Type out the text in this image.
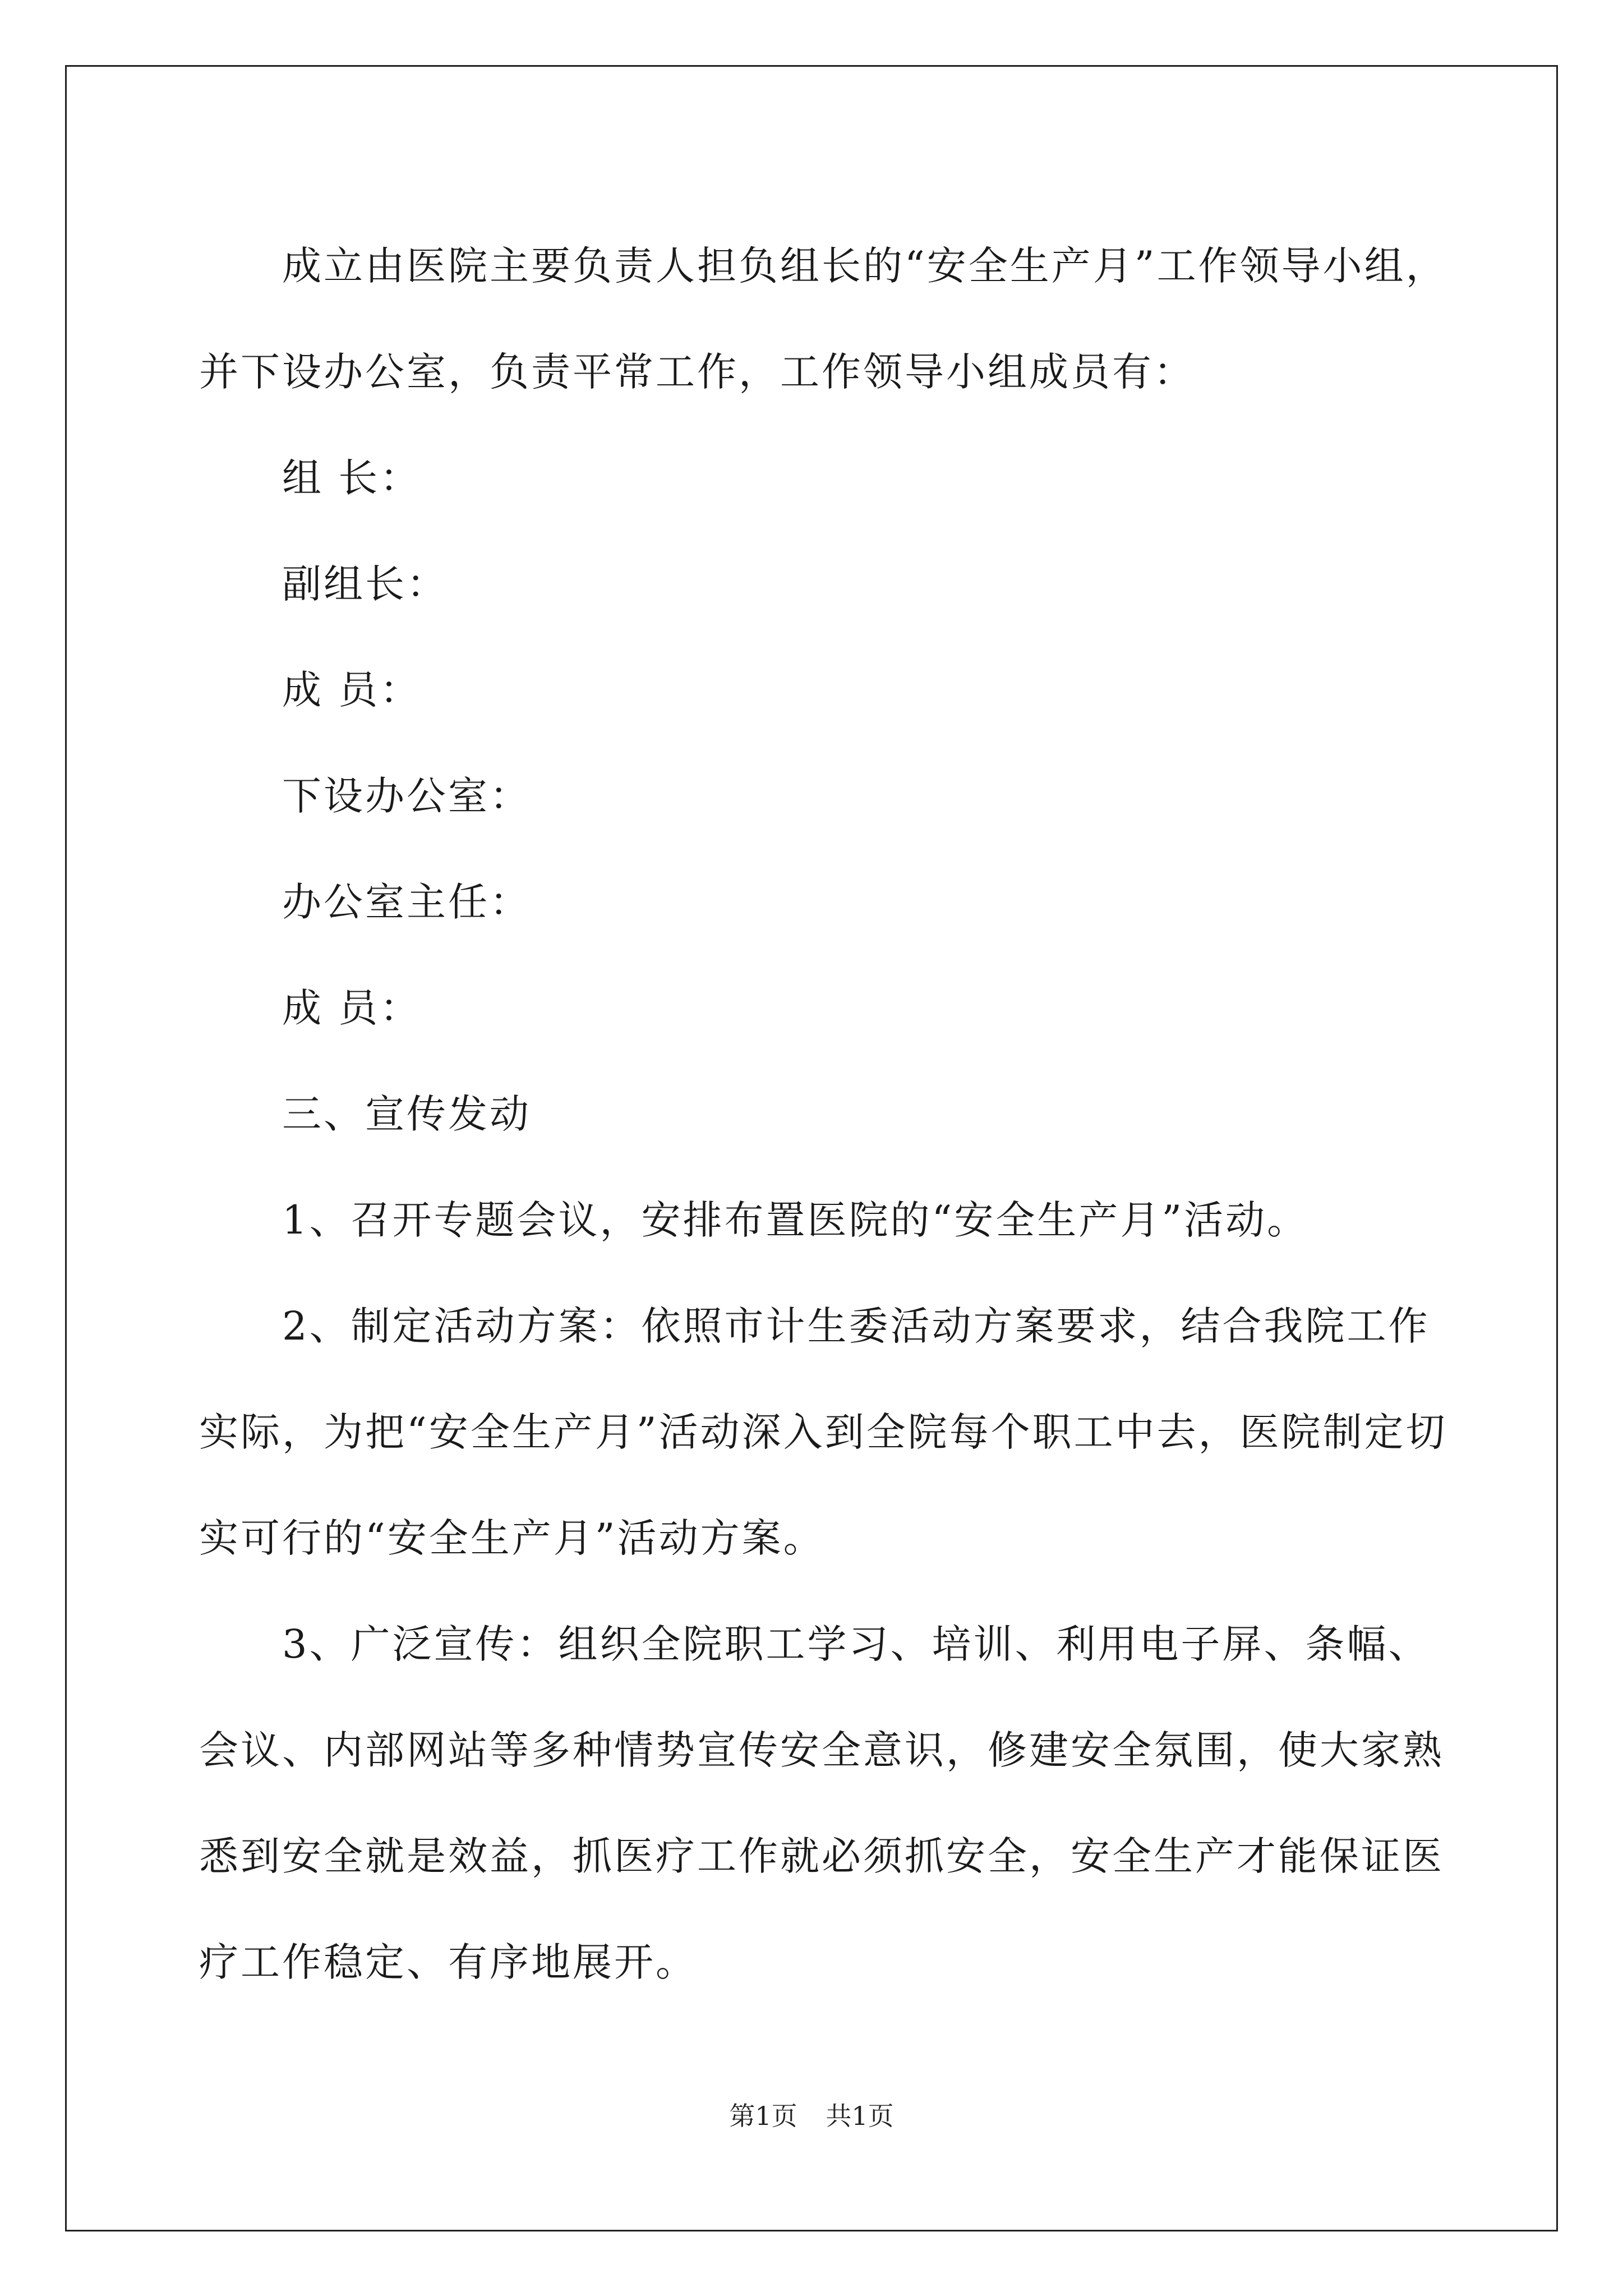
成立由医院主要负责人担负组长的“安全生产月”工作领导小组，并下设办公室，负责平常工作，工作领导小组成员有：

组 长：

副组长：

成 员：

下设办公室：

办公室主任：

成 员：

三、宣传发动

1、召开专题会议，安排布置医院的“安全生产月”活动。

2、制定活动方案：依照市计生委活动方案要求，结合我院工作实际，为把“安全生产月”活动深入到全院每个职工中去，医院制定切实可行的“安全生产月”活动方案。

3、广泛宣传：组织全院职工学习、培训、利用电子屏、条幅、会议、内部网站等多种情势宣传安全意识，修建安全氛围，使大家熟悉到安全就是效益，抓医疗工作就必须抓安全，安全生产才能保证医疗工作稳定、有序地展开。

第1页 共1页
